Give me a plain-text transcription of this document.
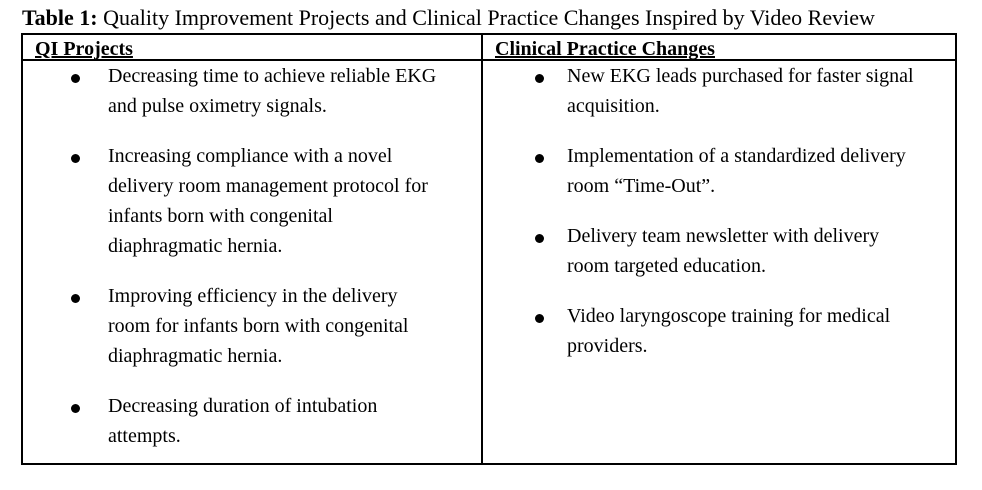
Table 1: Quality Improvement Projects and Clinical Practice Changes Inspired by Video Review
QI Projects
Decreasing time to achieve reliable EKG
and pulse oximetry signals.
Increasing compliance with a novel
delivery room management protocol for
infants born with congenital
diaphragmatic hernia.
Improving efficiency in the delivery
room for infants born with congenital
diaphragmatic hernia.
Decreasing duration of intubation
attempts.
Clinical Practice Changes
New EKG leads purchased for faster signal
acquisition.
Implementation of a standardized delivery
room “Time-Out”.
Delivery team newsletter with delivery
room targeted education.
Video laryngoscope training for medical
providers.
